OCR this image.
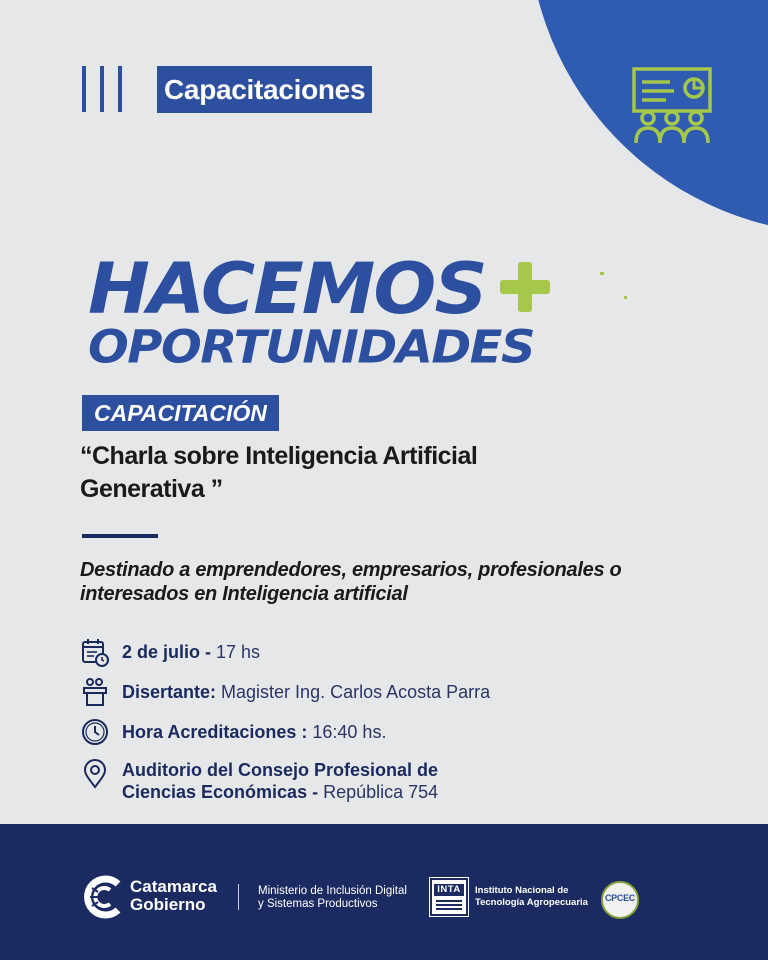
Capacitaciones
HACEMOS
OPORTUNIDADES
CAPACITACIÓN
“Charla sobre Inteligencia Artificial Generativa ”
Destinado a emprendedores, empresarios, profesionales o interesados en Inteligencia artificial
2 de julio - 17 hs
Disertante: Magister Ing. Carlos Acosta Parra
Hora Acreditaciones : 16:40 hs.
Auditorio del Consejo Profesional de
Ciencias Económicas - República 754
Catamarca
Gobierno
Ministerio de Inclusión Digital
y Sistemas Productivos
INTA	Instituto Nacional de
Tecnología Agropecuaria CPCEC
